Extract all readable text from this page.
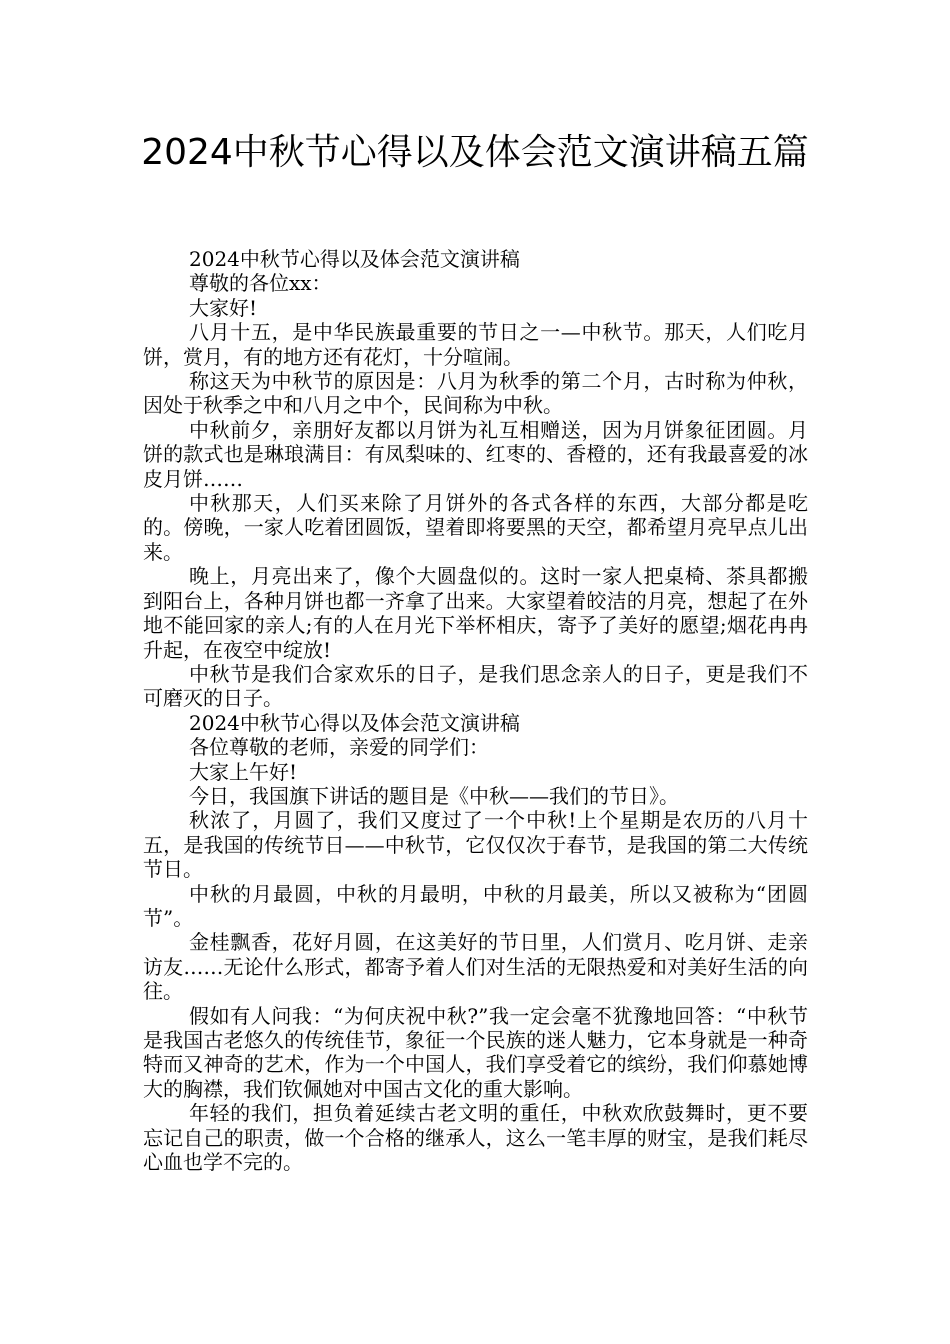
2024中秋节心得以及体会范文演讲稿五篇

2024中秋节心得以及体会范文演讲稿

尊敬的各位xx：

大家好!

八月十五，是中华民族最重要的节日之一—中秋节。那天，人们吃月饼，赏月，有的地方还有花灯，十分喧闹。

称这天为中秋节的原因是：八月为秋季的第二个月，古时称为仲秋，因处于秋季之中和八月之中个，民间称为中秋。

中秋前夕，亲朋好友都以月饼为礼互相赠送，因为月饼象征团圆。月饼的款式也是琳琅满目：有凤梨味的、红枣的、香橙的，还有我最喜爱的冰皮月饼……

中秋那天，人们买来除了月饼外的各式各样的东西，大部分都是吃的。傍晚，一家人吃着团圆饭，望着即将要黑的天空，都希望月亮早点儿出来。

晚上，月亮出来了，像个大圆盘似的。这时一家人把桌椅、茶具都搬到阳台上，各种月饼也都一齐拿了出来。大家望着皎洁的月亮，想起了在外地不能回家的亲人;有的人在月光下举杯相庆，寄予了美好的愿望;烟花冉冉升起，在夜空中绽放!

中秋节是我们合家欢乐的日子，是我们思念亲人的日子，更是我们不可磨灭的日子。

2024中秋节心得以及体会范文演讲稿

各位尊敬的老师，亲爱的同学们：

大家上午好!

今日，我国旗下讲话的题目是《中秋——我们的节日》。

秋浓了，月圆了，我们又度过了一个中秋!上个星期是农历的八月十五，是我国的传统节日——中秋节，它仅仅次于春节，是我国的第二大传统节日。

中秋的月最圆，中秋的月最明，中秋的月最美，所以又被称为“团圆节”。

金桂飘香，花好月圆，在这美好的节日里，人们赏月、吃月饼、走亲访友……无论什么形式，都寄予着人们对生活的无限热爱和对美好生活的向往。

假如有人问我：“为何庆祝中秋?”我一定会毫不犹豫地回答：“中秋节是我国古老悠久的传统佳节，象征一个民族的迷人魅力，它本身就是一种奇特而又神奇的艺术，作为一个中国人，我们享受着它的缤纷，我们仰慕她博大的胸襟，我们钦佩她对中国古文化的重大影响。

年轻的我们，担负着延续古老文明的重任，中秋欢欣鼓舞时，更不要忘记自己的职责，做一个合格的继承人，这么一笔丰厚的财宝，是我们耗尽心血也学不完的。
